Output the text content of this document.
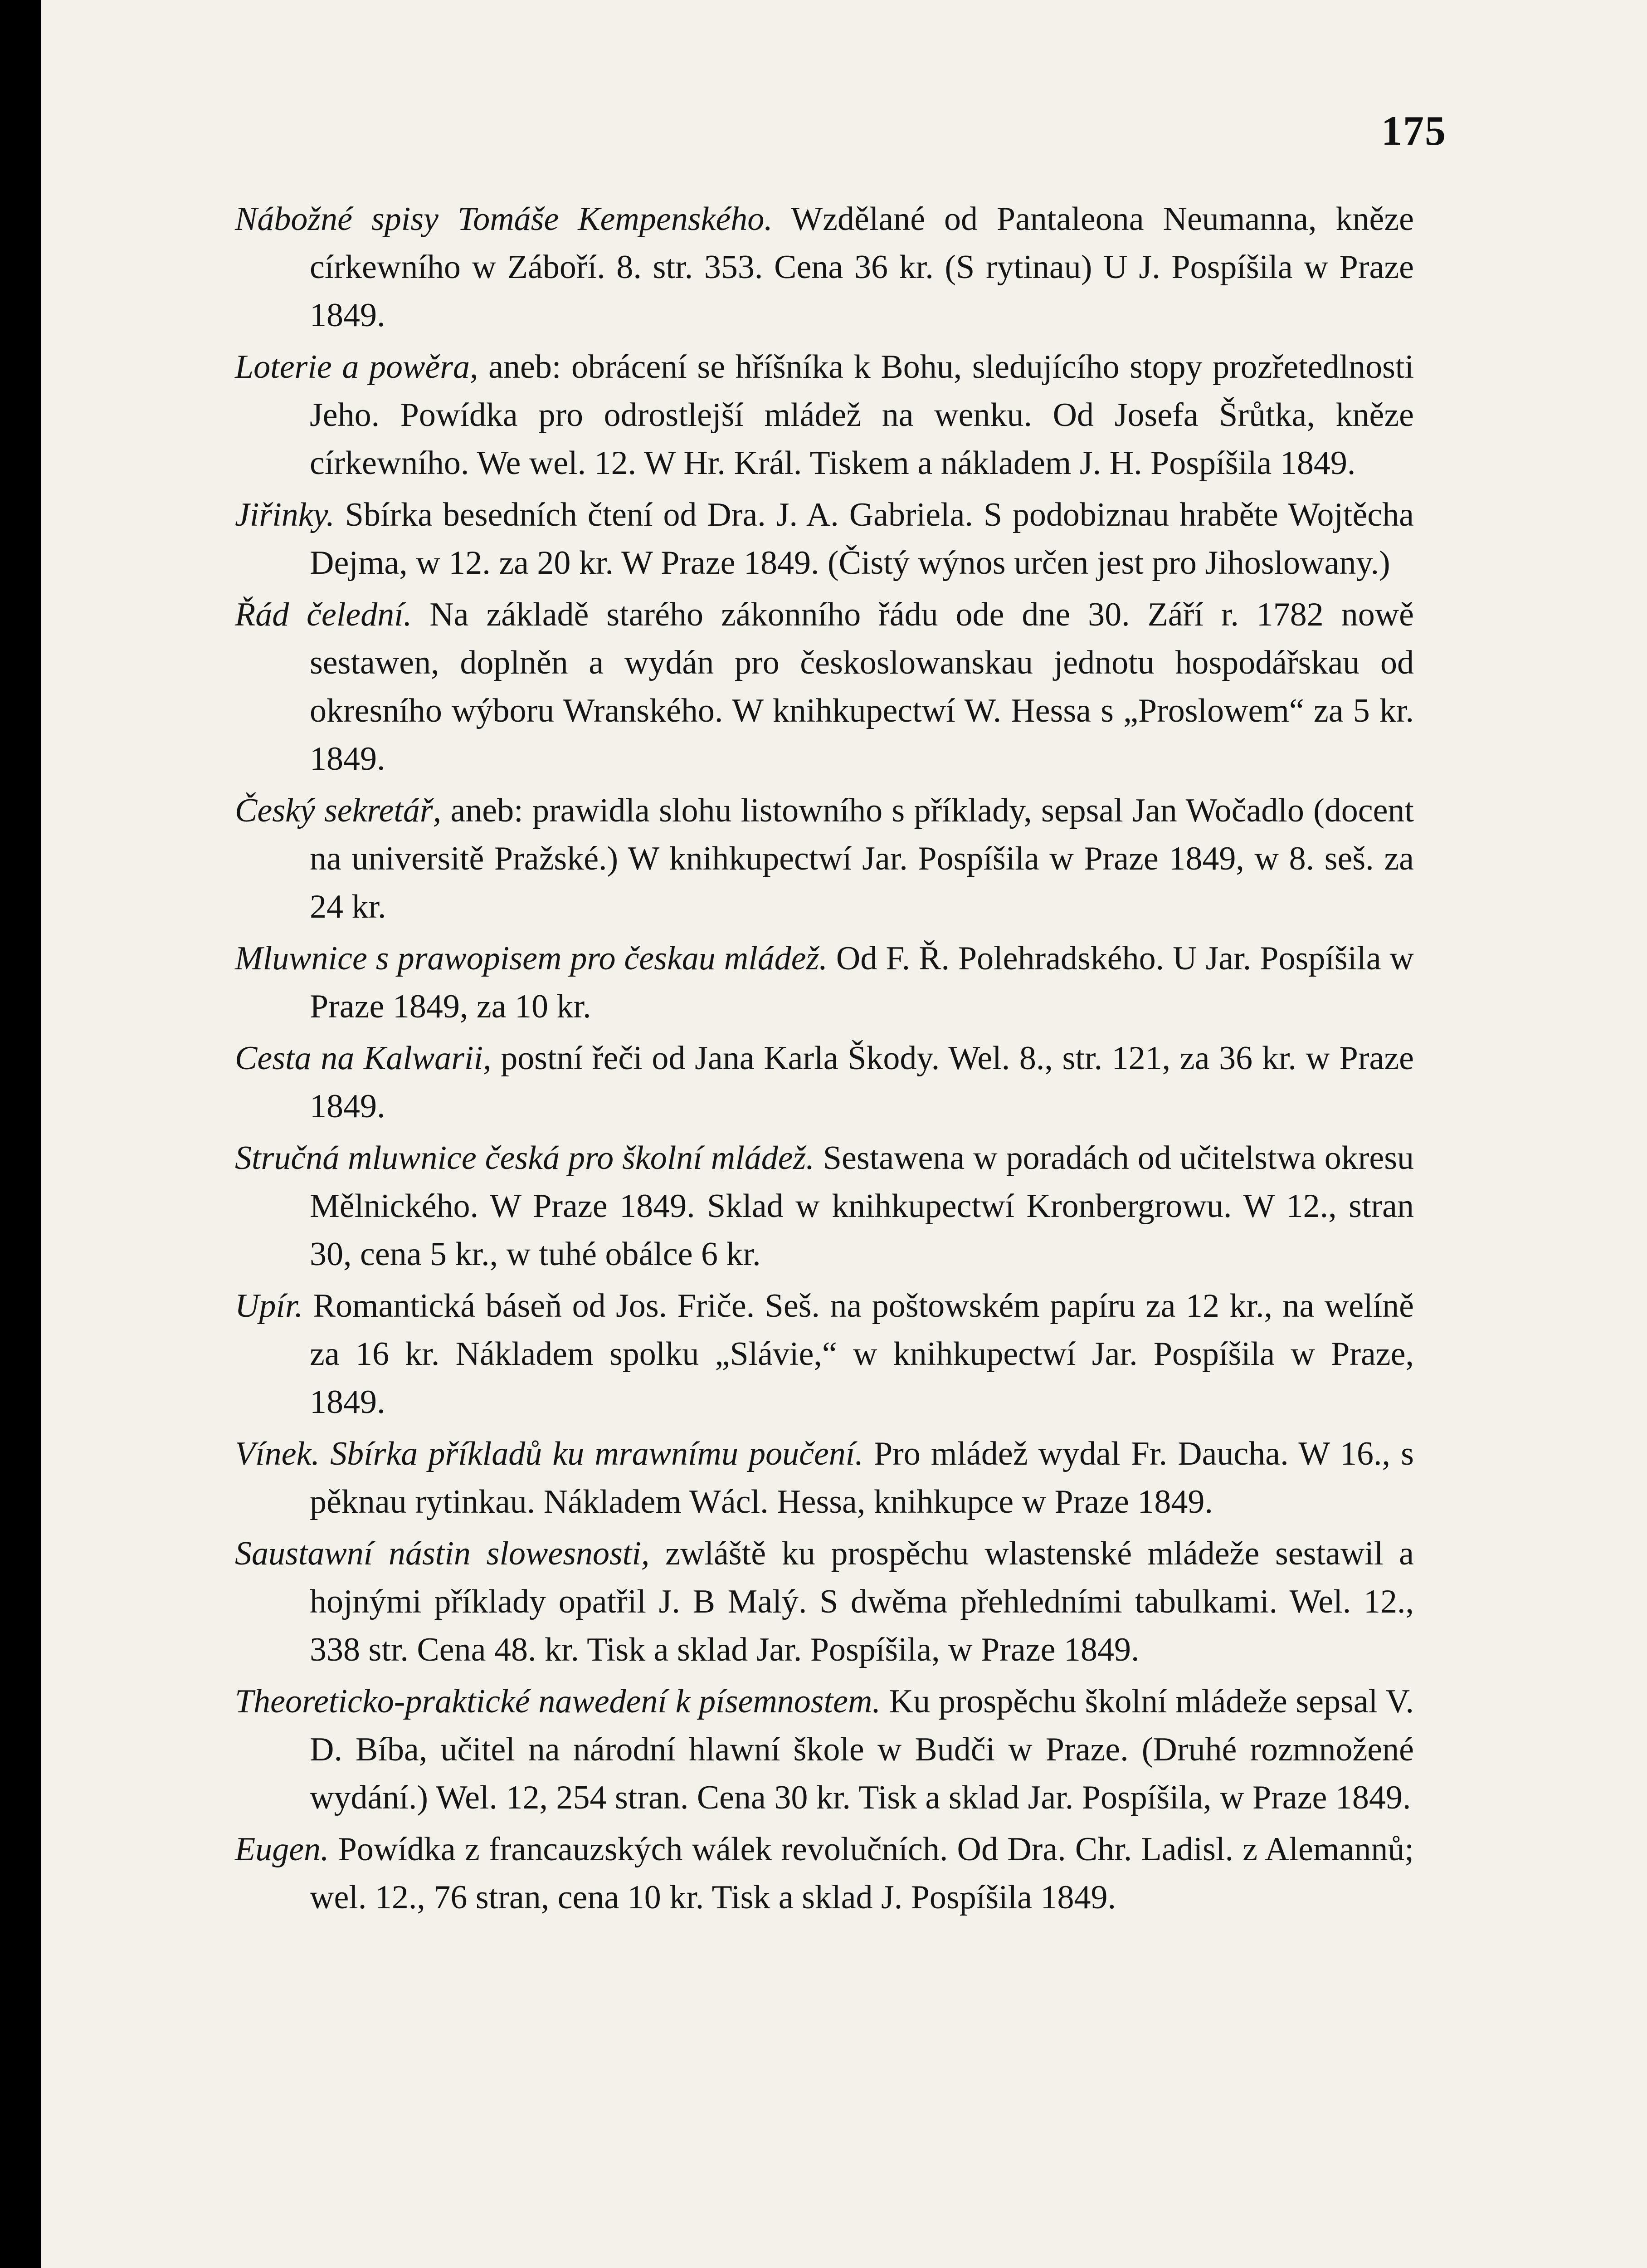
175
Nábožné spisy Tomáše Kempenského. Wzdělané od Pantaleona Neumanna, kněze církewního w Záboří. 8. str. 353. Cena 36 kr. (S rytinau) U J. Pospíšila w Praze 1849.
Loterie a powěra, aneb: obrácení se hříšníka k Bohu, sledujícího stopy prozřetedlnosti Jeho. Powídka pro odrostlejší mládež na wenku. Od Josefa Šrůtka, kněze církewního. We wel. 12. W Hr. Král. Tiskem a nákladem J. H. Pospíšila 1849.
Jiřinky. Sbírka besedních čtení od Dra. J. A. Gabriela. S podobiznau hraběte Wojtěcha Dejma, w 12. za 20 kr. W Praze 1849. (Čistý wýnos určen jest pro Jihoslowany.)
Řád čelední. Na základě starého zákonního řádu ode dne 30. Září r. 1782 nowě sestawen, doplněn a wydán pro českoslowanskau jednotu hospodářskau od okresního wýboru Wranského. W knihkupectwí W. Hessa s „Proslowem“ za 5 kr. 1849.
Český sekretář, aneb: prawidla slohu listowního s příklady, sepsal Jan Wočadlo (docent na universitě Pražské.) W knihkupectwí Jar. Pospíšila w Praze 1849, w 8. seš. za 24 kr.
Mluwnice s prawopisem pro českau mládež. Od F. Ř. Polehradského. U Jar. Pospíšila w Praze 1849, za 10 kr.
Cesta na Kalwarii, postní řeči od Jana Karla Škody. Wel. 8., str. 121, za 36 kr. w Praze 1849.
Stručná mluwnice česká pro školní mládež. Sestawena w poradách od učitelstwa okresu Mělnického. W Praze 1849. Sklad w knihkupectwí Kronbergrowu. W 12., stran 30, cena 5 kr., w tuhé obálce 6 kr.
Upír. Romantická báseň od Jos. Friče. Seš. na poštowském papíru za 12 kr., na welíně za 16 kr. Nákladem spolku „Slávie,“ w knihkupectwí Jar. Pospíšila w Praze, 1849.
Vínek. Sbírka příkladů ku mrawnímu poučení. Pro mládež wydal Fr. Daucha. W 16., s pěknau rytinkau. Nákladem Wácl. Hessa, knihkupce w Praze 1849.
Saustawní nástin slowesnosti, zwláště ku prospěchu wlastenské mládeže sestawil a hojnými příklady opatřil J. B Malý. S dwěma přehledními tabulkami. Wel. 12., 338 str. Cena 48. kr. Tisk a sklad Jar. Pospíšila, w Praze 1849.
Theoreticko-praktické nawedení k písemnostem. Ku prospěchu školní mládeže sepsal V. D. Bíba, učitel na národní hlawní škole w Budči w Praze. (Druhé rozmnožené wydání.) Wel. 12, 254 stran. Cena 30 kr. Tisk a sklad Jar. Pospíšila, w Praze 1849.
Eugen. Powídka z francauzských wálek revolučních. Od Dra. Chr. Ladisl. z Alemannů; wel. 12., 76 stran, cena 10 kr. Tisk a sklad J. Pospíšila 1849.
